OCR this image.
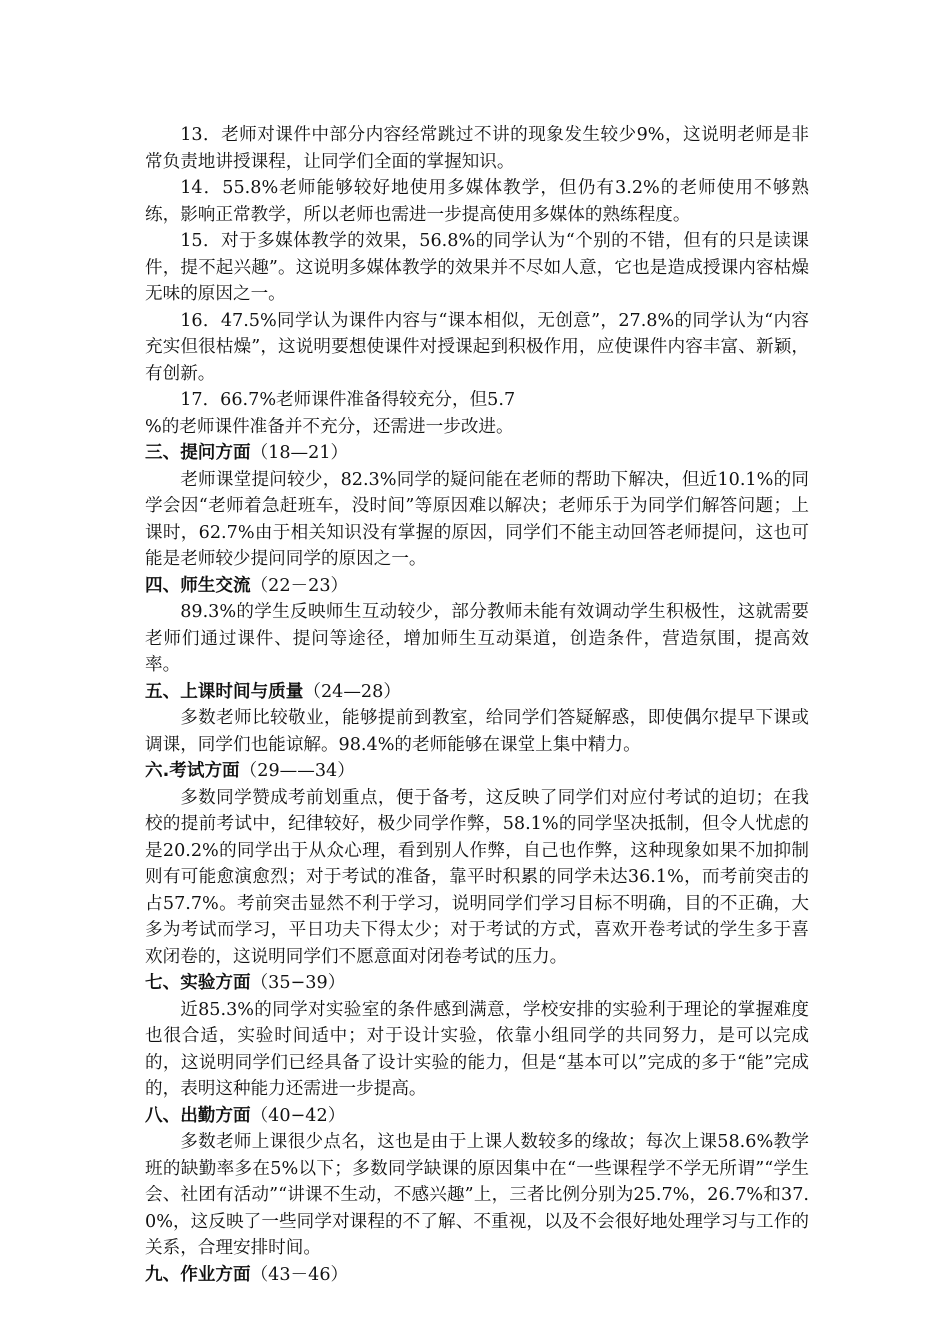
13．老师对课件中部分内容经常跳过不讲的现象发生较少9%，这说明老师是非常负责地讲授课程，让同学们全面的掌握知识。

14．55.8%老师能够较好地使用多媒体教学，但仍有3.2%的老师使用不够熟练，影响正常教学，所以老师也需进一步提高使用多媒体的熟练程度。

15．对于多媒体教学的效果，56.8%的同学认为“个别的不错，但有的只是读课件，提不起兴趣”。这说明多媒体教学的效果并不尽如人意，它也是造成授课内容枯燥无味的原因之一。

16．47.5%同学认为课件内容与“课本相似，无创意”，27.8%的同学认为“内容充实但很枯燥”，这说明要想使课件对授课起到积极作用，应使课件内容丰富、新颖，有创新。

17．66.7%老师课件准备得较充分，但5.7

%的老师课件准备并不充分，还需进一步改进。

三、提问方面（18—21）

老师课堂提问较少，82.3%同学的疑问能在老师的帮助下解决，但近10.1%的同学会因“老师着急赶班车，没时间”等原因难以解决；老师乐于为同学们解答问题；上课时，62.7%由于相关知识没有掌握的原因，同学们不能主动回答老师提问，这也可能是老师较少提问同学的原因之一。

四、师生交流（22－23）

89.3%的学生反映师生互动较少，部分教师未能有效调动学生积极性，这就需要老师们通过课件、提问等途径，增加师生互动渠道，创造条件，营造氛围，提高效率。

五、上课时间与质量（24—28）

多数老师比较敬业，能够提前到教室，给同学们答疑解惑，即使偶尔提早下课或调课，同学们也能谅解。98.4%的老师能够在课堂上集中精力。

六.考试方面（29——34）

多数同学赞成考前划重点，便于备考，这反映了同学们对应付考试的迫切；在我校的提前考试中，纪律较好，极少同学作弊，58.1%的同学坚决抵制，但令人忧虑的是20.2%的同学出于从众心理，看到别人作弊，自己也作弊，这种现象如果不加抑制则有可能愈演愈烈；对于考试的准备，靠平时积累的同学未达36.1%，而考前突击的占57.7%。考前突击显然不利于学习，说明同学们学习目标不明确，目的不正确，大多为考试而学习，平日功夫下得太少；对于考试的方式，喜欢开卷考试的学生多于喜欢闭卷的，这说明同学们不愿意面对闭卷考试的压力。

七、实验方面（35−39）

近85.3%的同学对实验室的条件感到满意，学校安排的实验利于理论的掌握难度也很合适，实验时间适中；对于设计实验，依靠小组同学的共同努力，是可以完成的，这说明同学们已经具备了设计实验的能力，但是“基本可以”完成的多于“能”完成的，表明这种能力还需进一步提高。

八、出勤方面（40−42）

多数老师上课很少点名，这也是由于上课人数较多的缘故；每次上课58.6%教学班的缺勤率多在5%以下；多数同学缺课的原因集中在“一些课程学不学无所谓”“学生会、社团有活动”“讲课不生动，不感兴趣”上，三者比例分别为25.7%，26.7%和37.0%，这反映了一些同学对课程的不了解、不重视，以及不会很好地处理学习与工作的关系，合理安排时间。

九、作业方面（43－46）
